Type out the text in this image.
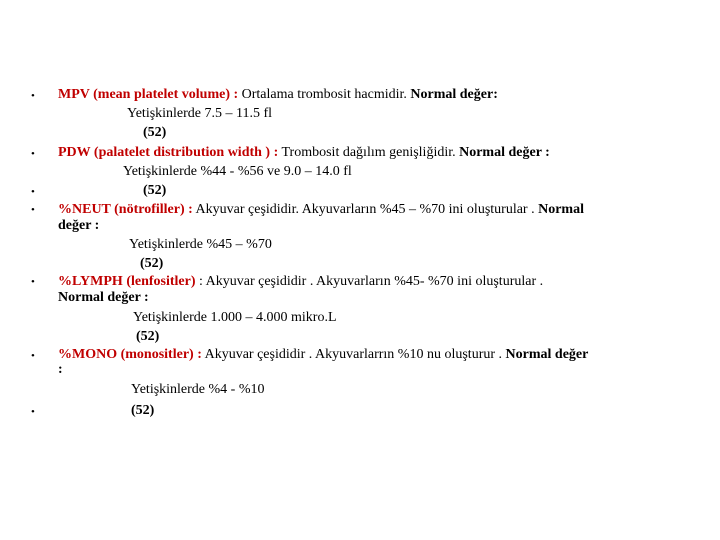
•
•
•
•
•
•
•
MPV (mean platelet volume) : Ortalama trombosit hacmidir. Normal değer:
Yetişkinlerde 7.5 – 11.5 fl
(52)
PDW (palatelet distribution width ) : Trombosit dağılım genişliğidir. Normal değer :
Yetişkinlerde %44 - %56 ve 9.0 – 14.0 fl
(52)
%NEUT (nötrofiller) : Akyuvar çeşididir. Akyuvarların %45 – %70 ini oluşturular . Normal
değer :
Yetişkinlerde %45 – %70
(52)
%LYMPH (lenfositler) : Akyuvar çeşididir . Akyuvarların %45- %70 ini oluşturular .
Normal değer :
Yetişkinlerde 1.000 – 4.000 mikro.L
(52)
%MONO (monositler) : Akyuvar çeşididir . Akyuvarlarrın %10 nu oluşturur . Normal değer
:
Yetişkinlerde %4 - %10
(52)
